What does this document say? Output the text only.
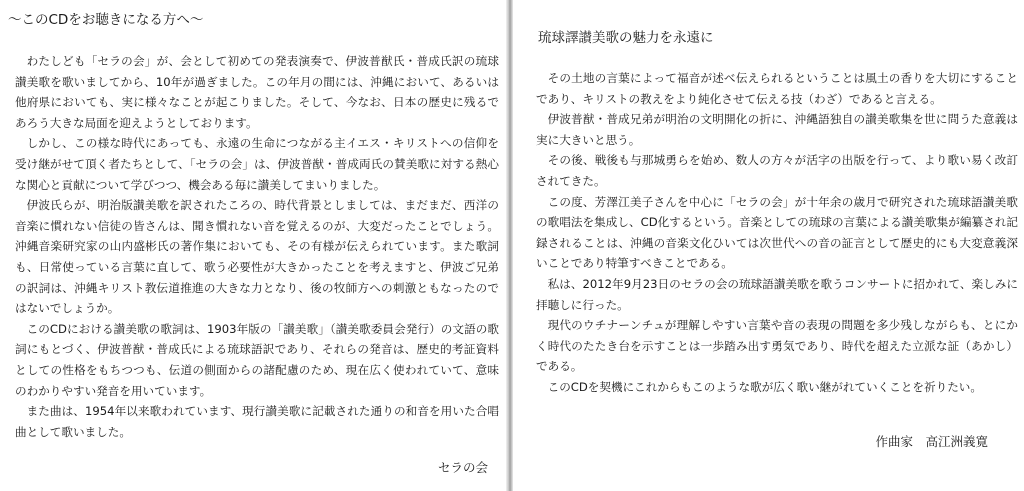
～このCDをお聴きになる方へ～

わたしども「セラの会」が、会として初めての発表演奏で、伊波普猷氏・普成氏訳の琉球讃美歌を歌いましてから、10年が過ぎました。この年月の間には、沖縄において、あるいは他府県においても、実に様々なことが起こりました。そして、今なお、日本の歴史に残るであろう大きな局面を迎えようとしております。

しかし、この様な時代にあっても、永遠の生命につながる主イエス・キリストへの信仰を受け継がせて頂く者たちとして、「セラの会」は、伊波普猷・普成両氏の賛美歌に対する熱心な関心と貢献について学びつつ、機会ある毎に讃美してまいりました。

伊波氏らが、明治版讃美歌を訳されたころの、時代背景としましては、まだまだ、西洋の音楽に慣れない信徒の皆さんは、聞き慣れない音を覚えるのが、大変だったことでしょう。沖縄音楽研究家の山内盛彬氏の著作集においても、その有様が伝えられています。また歌詞も、日常使っている言葉に直して、歌う必要性が大きかったことを考えますと、伊波ご兄弟の訳詞は、沖縄キリスト教伝道推進の大きな力となり、後の牧師方への刺激ともなったのではないでしょうか。

このCDにおける讃美歌の歌詞は、1903年版の「讃美歌」（讃美歌委員会発行）の文語の歌詞にもとづく、伊波普猷・普成氏による琉球語訳であり、それらの発音は、歴史的考証資料としての性格をもちつつも、伝道の側面からの諸配慮のため、現在広く使われていて、意味のわかりやすい発音を用いています。

また曲は、1954年以来歌われています、現行讃美歌に記載された通りの和音を用いた合唱曲として歌いました。

セラの会

琉球譯讃美歌の魅力を永遠に

その土地の言葉によって福音が述べ伝えられるということは風土の香りを大切にすることであり、キリストの教えをより純化させて伝える技（わざ）であると言える。

伊波普猷・普成兄弟が明治の文明開化の折に、沖縄語独自の讃美歌集を世に問うた意義は実に大きいと思う。

その後、戦後も与那城勇らを始め、数人の方々が活字の出版を行って、より歌い易く改訂されてきた。

この度、芳澤江美子さんを中心に「セラの会」が十年余の歳月で研究された琉球語讃美歌の歌唱法を集成し、CD化するという。音楽としての琉球の言葉による讃美歌集が編纂され記録されることは、沖縄の音楽文化ひいては次世代への音の証言として歴史的にも大変意義深いことであり特筆すべきことである。

私は、2012年9月23日のセラの会の琉球語讃美歌を歌うコンサートに招かれて、楽しみに拝聴しに行った。

現代のウチナーンチュが理解しやすい言葉や音の表現の問題を多少残しながらも、とにかく時代のたたき台を示すことは一歩踏み出す勇気であり、時代を超えた立派な証（あかし）である。

このCDを契機にこれからもこのような歌が広く歌い継がれていくことを祈りたい。

作曲家　高江洲義寛
